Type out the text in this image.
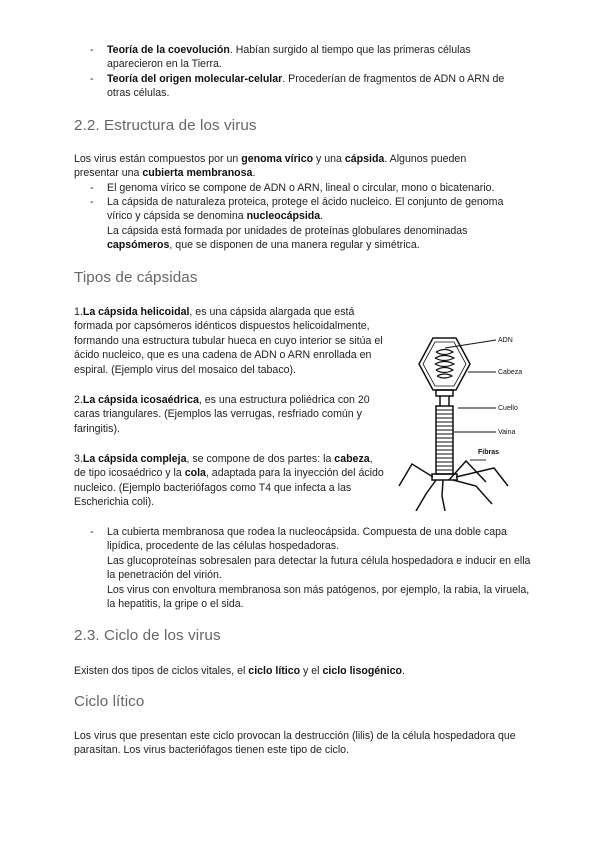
- Teoría de la coevolución. Habían surgido al tiempo que las primeras células aparecieron en la Tierra.

- Teoría del origen molecular-celular. Procederían de fragmentos de ADN o ARN de otras células.

2.2. Estructura de los virus

Los virus están compuestos por un genoma vírico y una cápsida. Algunos pueden presentar una cubierta membranosa.

- El genoma vírico se compone de ADN o ARN, lineal o circular, mono o bicatenario.

- La cápsida de naturaleza proteica, protege el ácido nucleico. El conjunto de genoma vírico y cápsida se denomina nucleocápsida.
La cápsida está formada por unidades de proteínas globulares denominadas capsómeros, que se disponen de una manera regular y simétrica.

Tipos de cápsidas

1.La cápsida helicoidal, es una cápsida alargada que está formada por capsómeros idénticos dispuestos helicoidalmente, formando una estructura tubular hueca en cuyo interior se sitúa el ácido nucleico, que es una cadena de ADN o ARN enrollada en espiral. (Ejemplo virus del mosaico del tabaco).

2.La cápsida icosaédrica, es una estructura poliédrica con 20 caras triangulares. (Ejemplos las verrugas, resfriado común y faringitis).

3.La cápsida compleja, se compone de dos partes: la cabeza, de tipo icosaédrico y la cola, adaptada para la inyección del ácido nucleico. (Ejemplo bacteriófagos como T4 que infecta a las Escherichia coli).

ADN
Cabeza
Cuello
Vaina
Fibras
- La cubierta membranosa que rodea la nucleocápsida. Compuesta de una doble capa lipídica, procedente de las células hospedadoras.
Las glucoproteínas sobresalen para detectar la futura célula hospedadora e inducir en ella la penetración del virión.
Los virus con envoltura membranosa son más patógenos, por ejemplo, la rabia, la viruela, la hepatitis, la gripe o el sida.
2.3. Ciclo de los virus

Existen dos tipos de ciclos vitales, el ciclo lítico y el ciclo lisogénico.

Ciclo lítico

Los virus que presentan este ciclo provocan la destrucción (lilis) de la célula hospedadora que parasitan. Los virus bacteriófagos tienen este tipo de ciclo.
